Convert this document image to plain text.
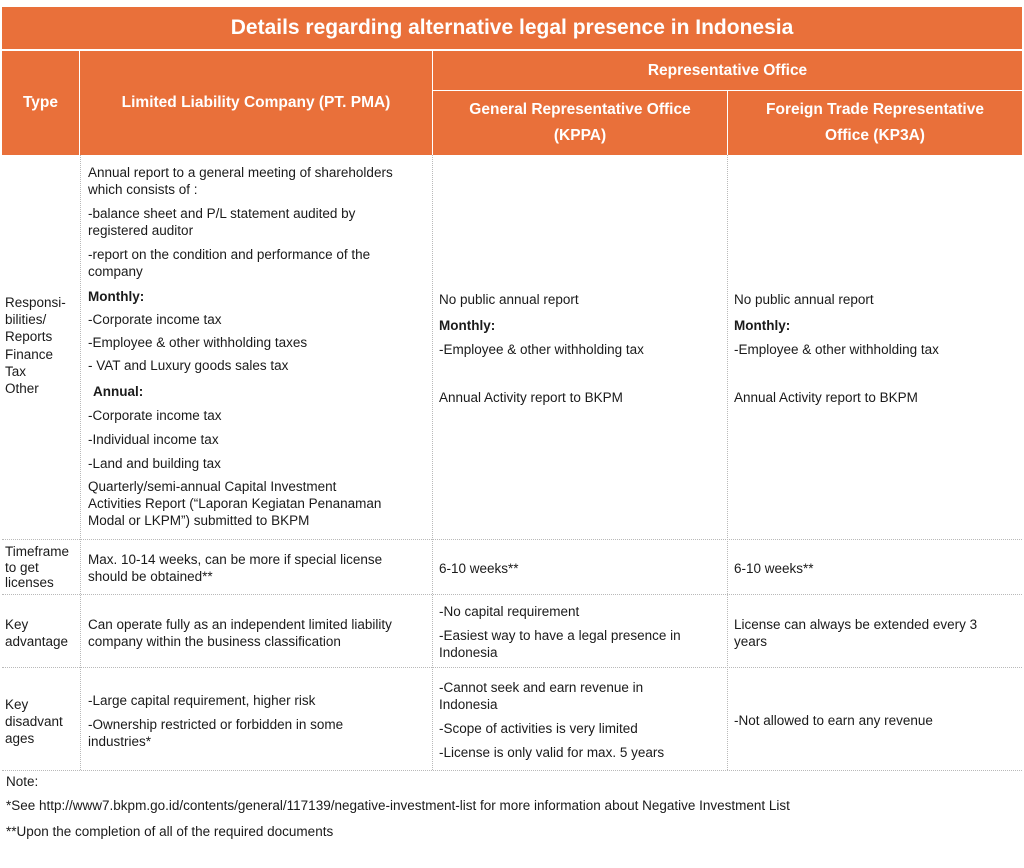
Details regarding alternative legal presence in Indonesia
Type	Limited Liability Company (PT. PMA)
Representative Office
General Representative Office
(KPPA)
Foreign Trade Representative
Office (KP3A)

Responsi-

bilities/

Reports

Finance

Tax

Other

Annual report to a general meeting of shareholders

which consists of :

-balance sheet and P/L statement audited by

registered auditor

-report on the condition and performance of the

company

Monthly:

-Corporate income tax

-Employee & other withholding taxes

- VAT and Luxury goods sales tax

Annual:

-Corporate income tax

-Individual income tax

-Land and building tax

Quarterly/semi-annual Capital Investment

Activities Report (“Laporan Kegiatan Penanaman

Modal or LKPM”) submitted to BKPM

No public annual report

Monthly:

-Employee & other withholding tax

Annual Activity report to BKPM

No public annual report

Monthly:

-Employee & other withholding tax

Annual Activity report to BKPM

Timeframe

to get

licenses

Max. 10-14 weeks, can be more if special license

should be obtained**

6-10 weeks**	6-10 weeks**

Key

advantage

Can operate fully as an independent limited liability

company within the business classification

-No capital requirement

-Easiest way to have a legal presence in

Indonesia

License can always be extended every 3

years

Key

disadvant

ages

-Large capital requirement, higher risk

-Ownership restricted or forbidden in some

industries*

-Cannot seek and earn revenue in

Indonesia

-Scope of activities is very limited

-License is only valid for max. 5 years

-Not allowed to earn any revenue
Note:
*See http://www7.bkpm.go.id/contents/general/117139/negative-investment-list for more information about Negative Investment List
**Upon the completion of all of the required documents
